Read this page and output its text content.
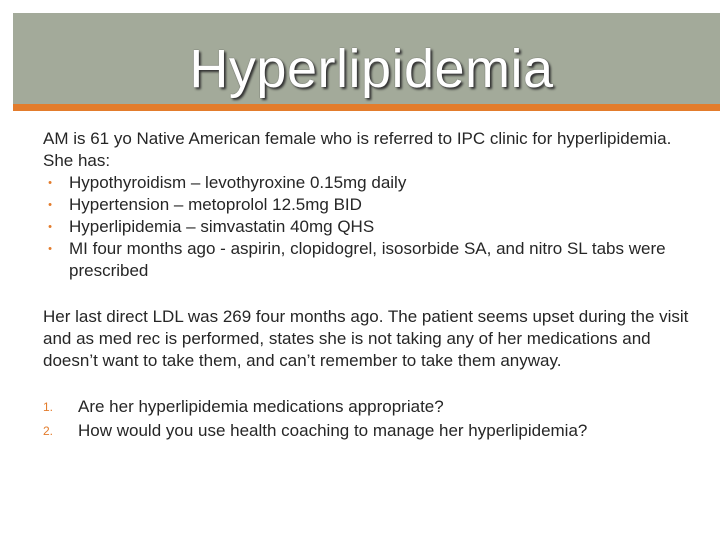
Hyperlipidemia

AM is 61 yo Native American female who is referred to IPC clinic for hyperlipidemia. She has:

• Hypothyroidism – levothyroxine 0.15mg daily
• Hypertension – metoprolol 12.5mg BID
• Hyperlipidemia – simvastatin 40mg QHS
• MI four months ago - aspirin, clopidogrel, isosorbide SA, and nitro SL tabs were prescribed

Her last direct LDL was 269 four months ago. The patient seems upset during the visit and as med rec is performed, states she is not taking any of her medications and doesn’t want to take them, and can’t remember to take them anyway.

1. Are her hyperlipidemia medications appropriate?
2. How would you use health coaching to manage her hyperlipidemia?
